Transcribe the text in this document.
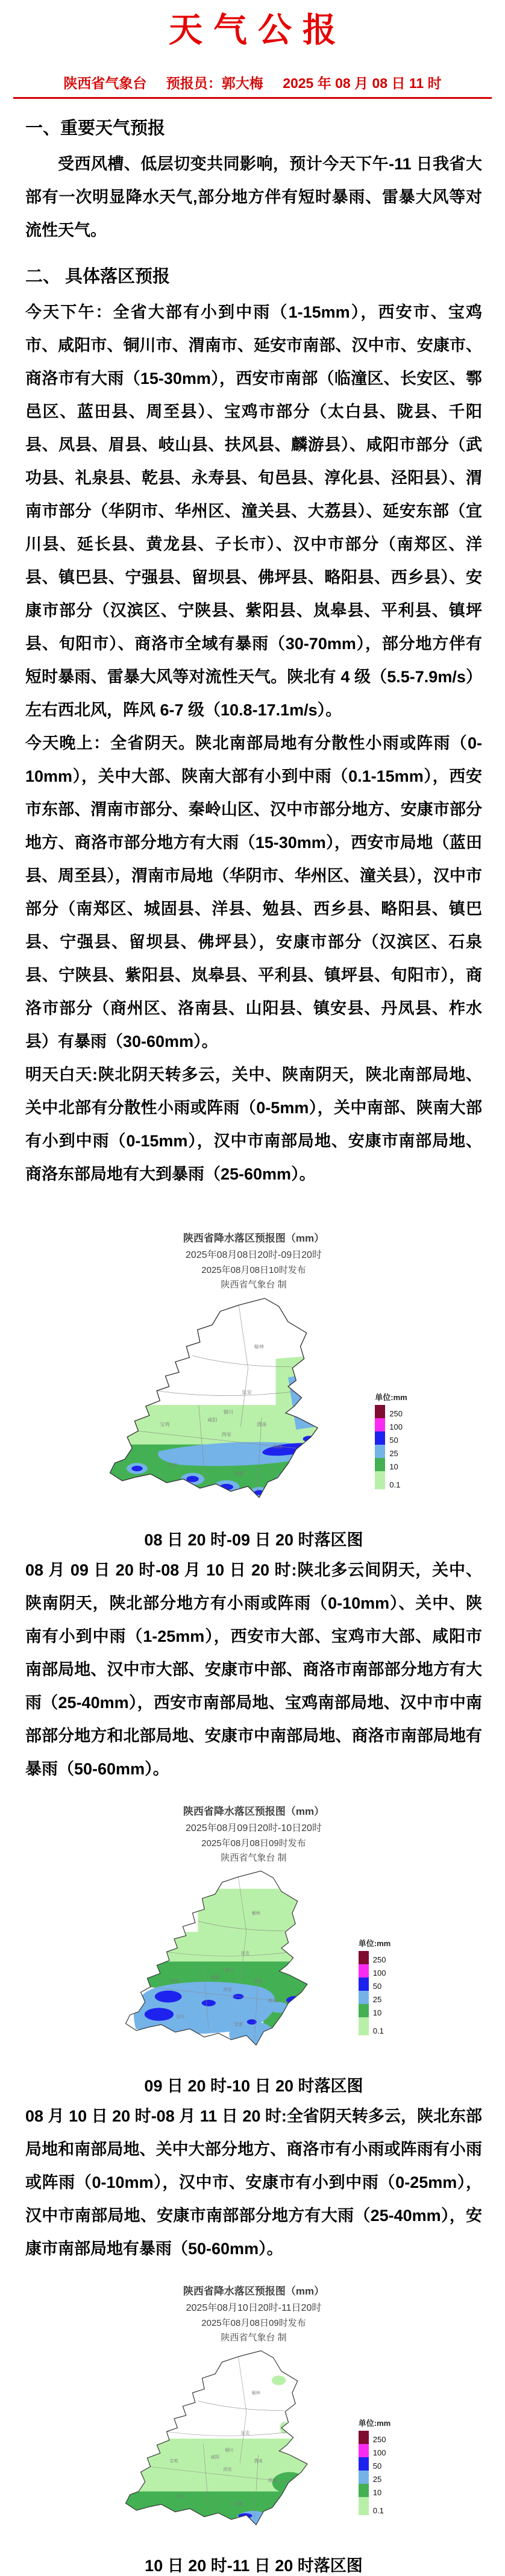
天气公报
陕西省气象台 预报员：郭大梅 2025 年 08 月 08 日 11 时
一、重要天气预报

受西风槽、低层切变共同影响，预计今天下午-11 日我省大部有一次明显降水天气,部分地方伴有短时暴雨、雷暴大风等对流性天气。

二、 具体落区预报

今天下午：全省大部有小到中雨（1-15mm），西安市、宝鸡市、咸阳市、铜川市、渭南市、延安市南部、汉中市、安康市、商洛市有大雨（15-30mm），西安市南部（临潼区、长安区、鄠邑区、蓝田县、周至县）、宝鸡市部分（太白县、陇县、千阳县、凤县、眉县、岐山县、扶风县、麟游县）、咸阳市部分（武功县、礼泉县、乾县、永寿县、旬邑县、淳化县、泾阳县）、渭南市部分（华阴市、华州区、潼关县、大荔县）、延安东部（宜川县、延长县、黄龙县、子长市）、汉中市部分（南郑区、洋县、镇巴县、宁强县、留坝县、佛坪县、略阳县、西乡县）、安康市部分（汉滨区、宁陕县、紫阳县、岚皋县、平利县、镇坪县、旬阳市）、商洛市全域有暴雨（30-70mm），部分地方伴有短时暴雨、雷暴大风等对流性天气。陕北有 4 级（5.5-7.9m/s）左右西北风，阵风 6-7 级（10.8-17.1m/s）。

今天晚上：全省阴天。陕北南部局地有分散性小雨或阵雨（0-10mm），关中大部、陕南大部有小到中雨（0.1-15mm），西安市东部、渭南市部分、秦岭山区、汉中市部分地方、安康市部分地方、商洛市部分地方有大雨（15-30mm），西安市局地（蓝田县、周至县），渭南市局地（华阴市、华州区、潼关县），汉中市部分（南郑区、城固县、洋县、勉县、西乡县、略阳县、镇巴县、宁强县、留坝县、佛坪县），安康市部分（汉滨区、石泉县、宁陕县、紫阳县、岚皋县、平利县、镇坪县、旬阳市），商洛市部分（商州区、洛南县、山阳县、镇安县、丹凤县、柞水县）有暴雨（30-60mm）。

明天白天:陕北阴天转多云，关中、陕南阴天，陕北南部局地、关中北部有分散性小雨或阵雨（0-5mm），关中南部、陕南大部有小到中雨（0-15mm），汉中市南部局地、安康市南部局地、商洛东部局地有大到暴雨（25-60mm）。

陕西省降水落区预报图（mm）
2025年08月08日20时-09日20时
2025年08月08日10时发布
陕西省气象台 制
榆林
延安
铜川
渭南
咸阳
西安
宝鸡
商洛
汉中
安康
单位:mm
250
100
50
25
10
0.1
08 日 20 时-09 日 20 时落区图

08 月 09 日 20 时-08 月 10 日 20 时:陕北多云间阴天，关中、陕南阴天，陕北部分地方有小雨或阵雨（0-10mm）、关中、陕南有小到中雨（1-25mm），西安市大部、宝鸡市大部、咸阳市南部局地、汉中市大部、安康市中部、商洛市南部部分地方有大雨（25-40mm），西安市南部局地、宝鸡南部局地、汉中市中南部部分地方和北部局地、安康市中南部局地、商洛市南部局地有暴雨（50-60mm）。

陕西省降水落区预报图（mm）
2025年08月09日20时-10日20时
2025年08月08日09时发布
陕西省气象台 制
榆林
延安
铜川
渭南
咸阳
西安
宝鸡
商洛
汉中
安康
单位:mm
250
100
50
25
10
0.1
09 日 20 时-10 日 20 时落区图

08 月 10 日 20 时-08 月 11 日 20 时:全省阴天转多云，陕北东部局地和南部局地、关中大部分地方、商洛市有小雨或阵雨有小雨或阵雨（0-10mm），汉中市、安康市有小到中雨（0-25mm），汉中市南部局地、安康市南部部分地方有大雨（25-40mm），安康市南部局地有暴雨（50-60mm）。

陕西省降水落区预报图（mm）
2025年08月10日20时-11日20时
2025年08月08日09时发布
陕西省气象台 制
榆林
延安
铜川
渭南
咸阳
西安
宝鸡
商洛
汉中
安康
单位:mm
250
100
50
25
10
0.1
10 日 20 时-11 日 20 时落区图
